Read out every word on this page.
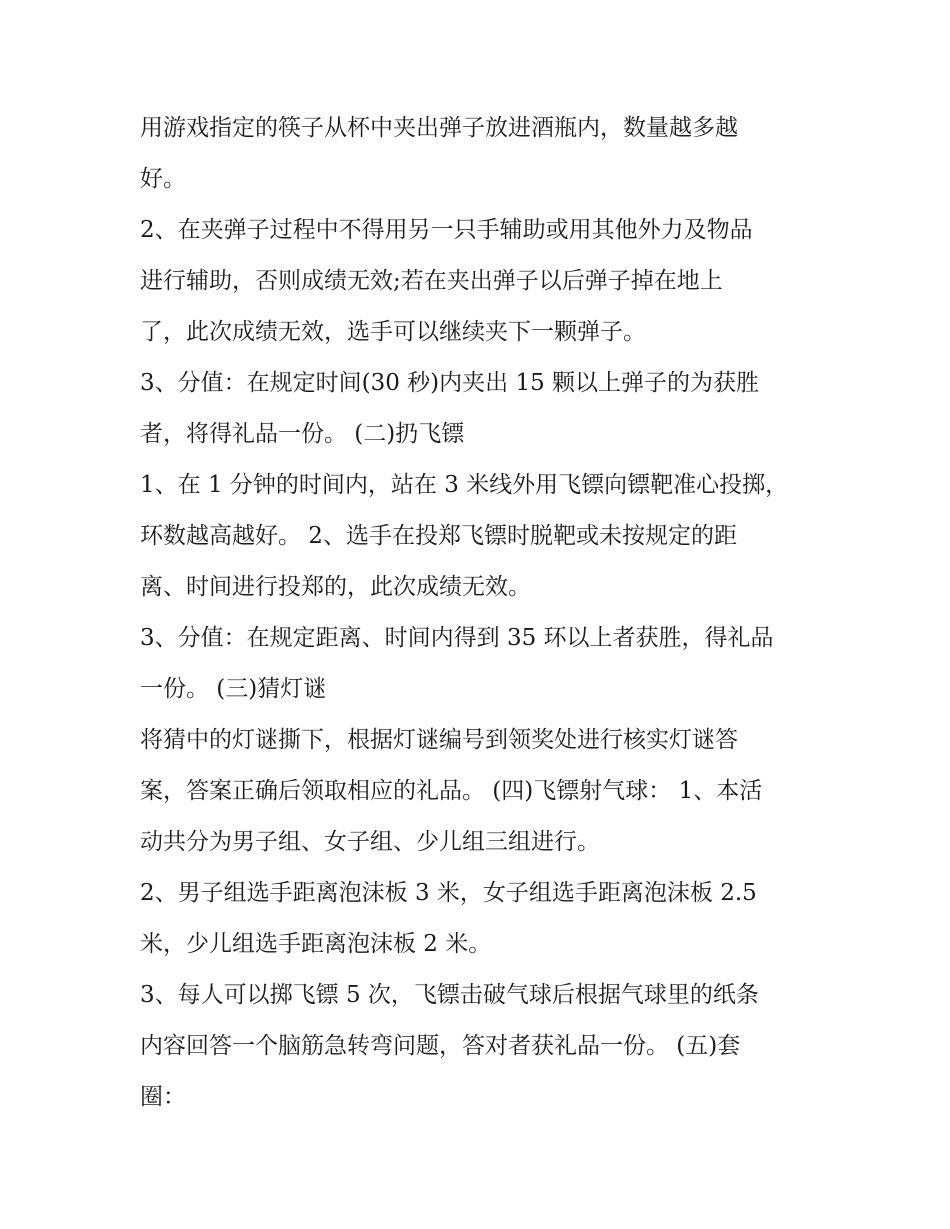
用游戏指定的筷子从杯中夹出弹子放进酒瓶内，数量越多越
好。
2、在夹弹子过程中不得用另一只手辅助或用其他外力及物品
进行辅助，否则成绩无效;若在夹出弹子以后弹子掉在地上
了，此次成绩无效，选手可以继续夹下一颗弹子。
3、分值：在规定时间(30 秒)内夹出 15 颗以上弹子的为获胜
者，将得礼品一份。 (二)扔飞镖
1、在 1 分钟的时间内，站在 3 米线外用飞镖向镖靶准心投掷，
环数越高越好。 2、选手在投郑飞镖时脱靶或未按规定的距
离、时间进行投郑的，此次成绩无效。
3、分值：在规定距离、时间内得到 35 环以上者获胜，得礼品
一份。 (三)猜灯谜
将猜中的灯谜撕下，根据灯谜编号到领奖处进行核实灯谜答
案，答案正确后领取相应的礼品。 (四)飞镖射气球： 1、本活
动共分为男子组、女子组、少儿组三组进行。
2、男子组选手距离泡沫板 3 米，女子组选手距离泡沫板 2.5
米，少儿组选手距离泡沫板 2 米。
3、每人可以掷飞镖 5 次，飞镖击破气球后根据气球里的纸条
内容回答一个脑筋急转弯问题，答对者获礼品一份。 (五)套
圈：
